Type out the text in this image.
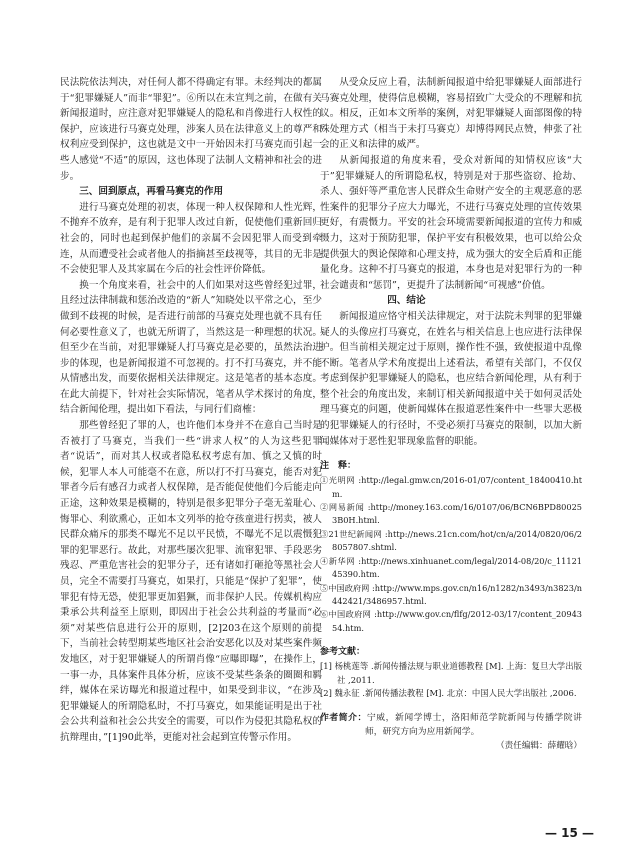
民法院依法判决，对任何人都不得确定有罪。未经判决的都属于“犯罪嫌疑人”而非“罪犯”。⑥所以在未宣判之前，在做有关新闻报道时，应注意对犯罪嫌疑人的隐私和肖像进行人权性的保护，应该进行马赛克处理，涉案人员在法律意义上的尊严和权利应受到保护，这也就是文中一开始因未打马赛克而引起一些人感觉“不适”的原因，这也体现了法制人文精神和社会的进步。

三、回到原点，再看马赛克的作用

进行马赛克处理的初衷，体现一种人权保障和人性光辉，不抛弃不放弃，是有利于犯罪人改过自新，促使他们重新回归社会的，同时也起到保护他们的亲属不会因犯罪人而受到牵连，从而遭受社会或者他人的指摘甚至歧视等，其目的无非是不会使犯罪人及其家属在今后的社会性评价降低。

换一个角度来看，社会中的人们如果对这些曾经犯过罪，且经过法律制裁和惩治改造的“新人”知晓处以平常之心，至少做到不歧视的时候，是否进行前部的马赛克处理也就不具有任何必要性意义了，也就无所谓了，当然这是一种理想的状况。但至少在当前，对犯罪嫌疑人打马赛克是必要的，虽然法治进步的体现，也是新闻报道不可忽视的。打不打马赛克，并不能从情感出发，而要依据相关法律规定。这是笔者的基本态度。在此大前提下，针对社会实际情况，笔者从学术探讨的角度，结合新闻伦理，提出如下看法，与同行们商榷：

那些曾经犯了罪的人，也许他们本身并不在意自己当时是否被打了马赛克，当我们一些“讲求人权”的人为这些犯罪者“说话”，而对其人权或者隐私权考虑有加、慎之又慎的时候，犯罪人本人可能毫不在意，所以打不打马赛克，能否对犯罪者今后有感召力或者人权保障，是否能促使他们今后能走向正途，这种效果是模糊的，特别是很多犯罪分子毫无羞耻心、悔罪心、利欲熏心，正如本文列举的抢夺孩童进行拐卖，被人民群众痛斥的那类不曝光不足以平民愤，不曝光不足以震慑犯罪的犯罪恶行。故此，对那些屡次犯罪、流窜犯罪、手段恶劣残忍、严重危害社会的犯罪分子，还有诸如打砸抢等黑社会人员，完全不需要打马赛克，如果打，只能是“保护了犯罪”，使罪犯有恃无恐，使犯罪更加猖獗，而非保护人民。传媒机构应秉承公共利益至上原则，即因出于社会公共利益的考量而“必须”对某些信息进行公开的原则，[2]203在这个原则的前提下，当前社会转型期某些地区社会治安恶化以及对某些案件频发地区，对于犯罪嫌疑人的所谓肖像“应曝即曝”，在操作上，一事一办，具体案件具体分析，应该不受某些条条的圈圈和羁绊，媒体在采访曝光和报道过程中，如果受到非议，“在涉及犯罪嫌疑人的所谓隐私时，不打马赛克，如果能证明是出于社会公共利益和社会公共安全的需要，可以作为侵犯其隐私权的抗辩理由，”[1]90此举，更能对社会起到宣传警示作用。

从受众反应上看，法制新闻报道中给犯罪嫌疑人面部进行马赛克处理，使得信息模糊，容易招致广大受众的不理解和抗议。相反，正如本文所举的案例，对犯罪嫌疑人面部图像的特殊处理方式（相当于未打马赛克）却博得网民点赞，伸张了社会的正义和法律的威严。

从新闻报道的角度来看，受众对新闻的知情权应该“大于”犯罪嫌疑人的所谓隐私权，特别是对于那些盗窃、抢劫、杀人、强奸等严重危害人民群众生命财产安全的主观恶意的恶性案件的犯罪分子应大力曝光，不进行马赛克处理的宣传效果更好，有震慑力。平安的社会环境需要新闻报道的宣传力和威慑力，这对于预防犯罪，保护平安有积极效果，也可以给公众提供强大的舆论保障和心理支持，成为强大的安全后盾和正能量化身。这种不打马赛克的报道，本身也是对犯罪行为的一种社会谴责和“惩罚”，更提升了法制新闻“可视感”价值。

四、结论

新闻报道应恪守相关法律规定，对于法院未判罪的犯罪嫌疑人的头像应打马赛克，在姓名与相关信息上也应进行法律保护。但当前相关规定过于原则，操作性不强，致使报道中乱像不断。笔者从学术角度提出上述看法，希望有关部门，不仅仅考虑到保护犯罪嫌疑人的隐私，也应结合新闻伦理，从有利于整个社会的角度出发，来制订相关新闻报道中关于如何灵活处理马赛克的问题，使新闻媒体在报道恶性案件中一些罪大恶极的犯罪嫌疑人的行径时，不受必须打马赛克的限制，以加大新闻媒体对于恶性犯罪现象监督的职能。

注　释：
①光明网 :http://legal.gmw.cn/2016-01/07/content_18400410.htm.
②网易新闻 :http://money.163.com/16/0107/06/BCN6BPD800253B0H.html.
③21世纪新闻网 :http://news.21cn.com/hot/cn/a/2014/0820/06/28057807.shtml.
④新华网 :http://news.xinhuanet.com/legal/2014-08/20/c_1112145390.htm.
⑤中国政府网 :http://www.mps.gov.cn/n16/n1282/n3493/n3823/n442421/3486957.html.
⑥中国政府网 :http://www.gov.cn/flfg/2012-03/17/content_2094354.htm.
参考文献：
[1] 杨桃莲等 .新闻传播法规与职业道德教程 [M]. 上海：复旦大学出版社 ,2011.
[2] 魏永征 .新闻传播法教程 [M]. 北京：中国人民大学出版社 ,2006.
作者简介：宁威，新闻学博士，洛阳师范学院新闻与传播学院讲师，研究方向为应用新闻学。
（责任编辑：薛耀晗）
— 15 —
